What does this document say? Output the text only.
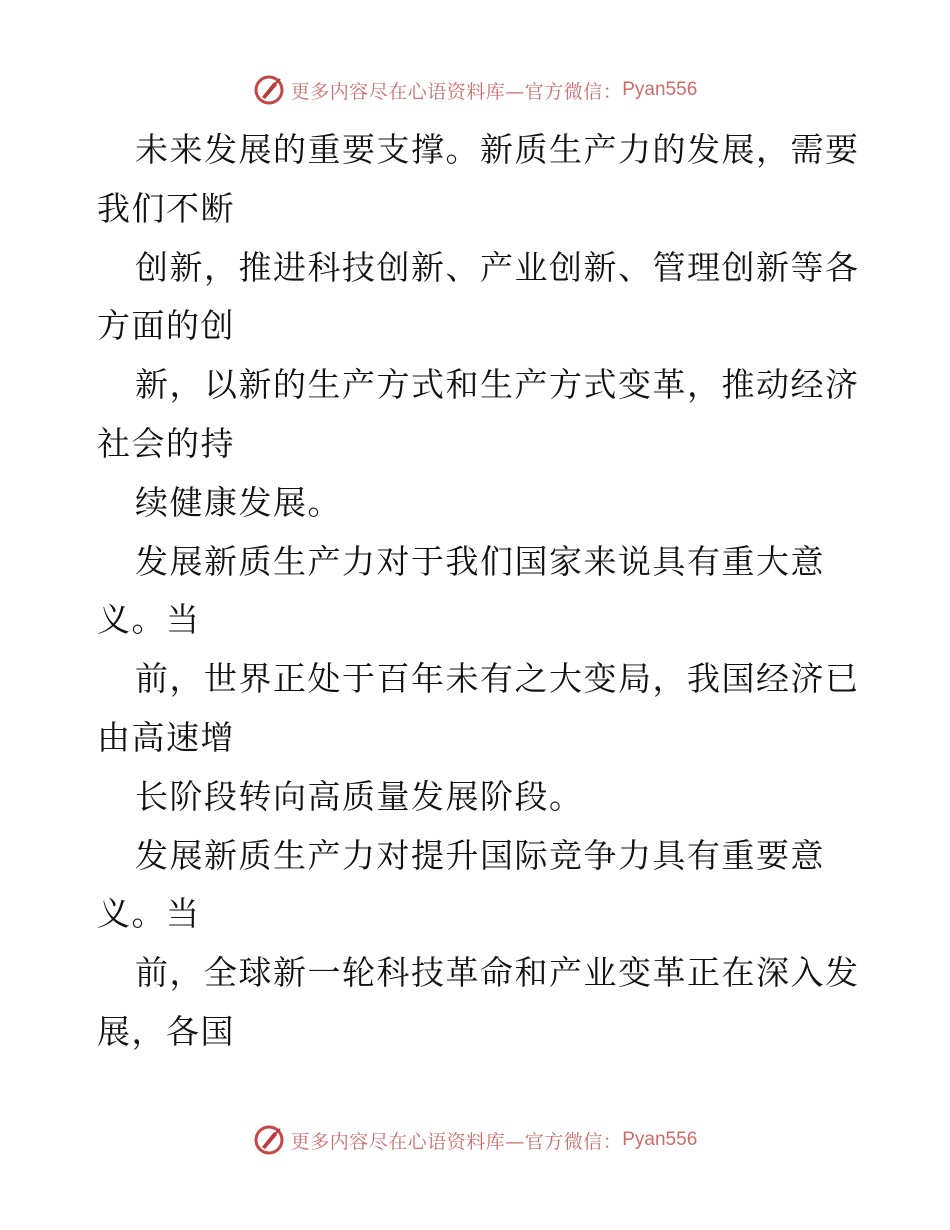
更多内容尽在心语资料库—官方微信： Pyan556
未来发展的重要支撑。新质生产力的发展，需要
我们不断
创新，推进科技创新、产业创新、管理创新等各
方面的创
新，以新的生产方式和生产方式变革，推动经济
社会的持
续健康发展。
发展新质生产力对于我们国家来说具有重大意
义。当
前，世界正处于百年未有之大变局，我国经济已
由高速增
长阶段转向高质量发展阶段。
发展新质生产力对提升国际竞争力具有重要意
义。当
前，全球新一轮科技革命和产业变革正在深入发
展，各国
更多内容尽在心语资料库—官方微信： Pyan556
